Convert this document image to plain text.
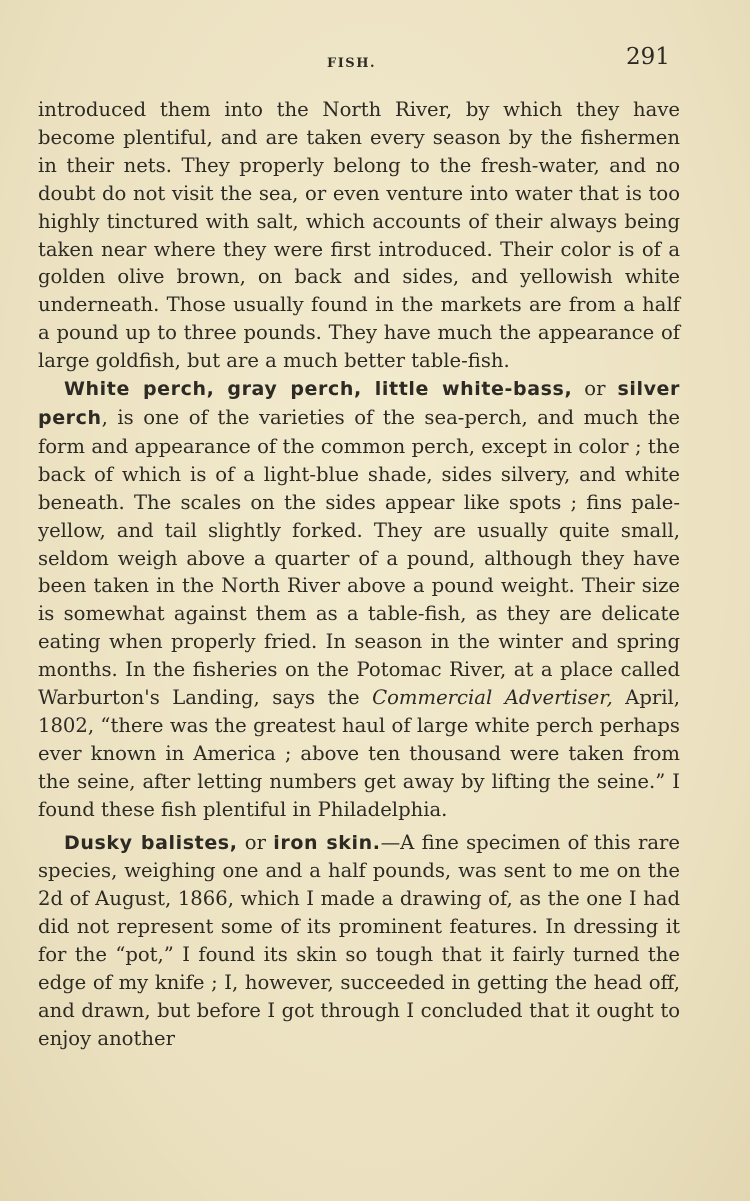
FISH.	291

introduced them into the North River, by which they have become plentiful, and are taken every season by the fishermen in their nets. They properly belong to the fresh-water, and no doubt do not visit the sea, or even venture into water that is too highly tinctured with salt, which accounts of their always being taken near where they were first introduced. Their color is of a golden olive brown, on back and sides, and yellowish white underneath. Those usually found in the markets are from a half a pound up to three pounds. They have much the appearance of large goldfish, but are a much better table-fish.

White perch, gray perch, little white-bass, or silver perch, is one of the varieties of the sea-perch, and much the form and appearance of the common perch, except in color ; the back of which is of a light-blue shade, sides silvery, and white beneath. The scales on the sides appear like spots ; fins pale-yellow, and tail slightly forked. They are usually quite small, seldom weigh above a quarter of a pound, although they have been taken in the North River above a pound weight. Their size is somewhat against them as a table-fish, as they are delicate eating when properly fried. In season in the winter and spring months. In the fisheries on the Potomac River, at a place called Warburton's Landing, says the Commercial Advertiser, April, 1802, “there was the greatest haul of large white perch perhaps ever known in America ; above ten thousand were taken from the seine, after letting numbers get away by lifting the seine.” I found these fish plentiful in Philadelphia.

Dusky balistes, or iron skin.—A fine specimen of this rare species, weighing one and a half pounds, was sent to me on the 2d of August, 1866, which I made a drawing of, as the one I had did not represent some of its prominent features. In dressing it for the “pot,” I found its skin so tough that it fairly turned the edge of my knife ; I, however, succeeded in getting the head off, and drawn, but before I got through I concluded that it ought to enjoy another
